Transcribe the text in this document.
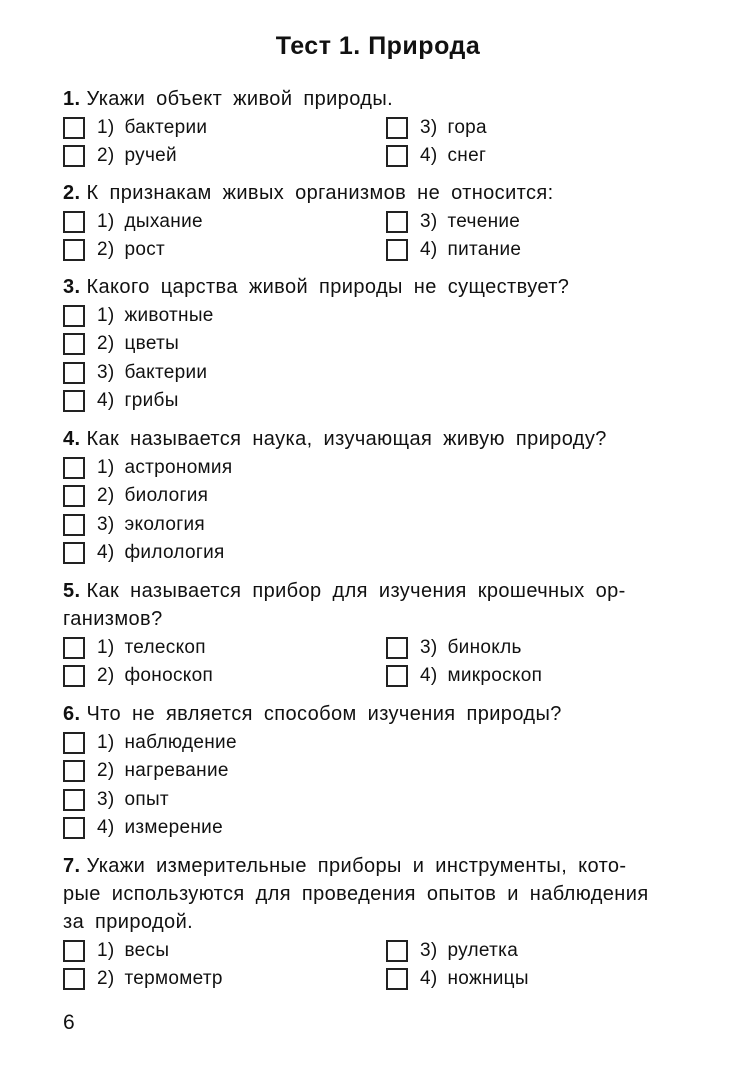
Тест 1. Природа

1. Укажи объект живой природы.

1) бактерии
2) ручей
3) гора
4) снег

2. К признакам живых организмов не относится:

1) дыхание
2) рост
3) течение
4) питание

3. Какого царства живой природы не существует?

1) животные
2) цветы
3) бактерии
4) грибы

4. Как называется наука, изучающая живую природу?

1) астрономия
2) биология
3) экология
4) филология

5. Как называется прибор для изучения крошечных ор-
ганизмов?

1) телескоп
2) фоноскоп
3) бинокль
4) микроскоп

6. Что не является способом изучения природы?

1) наблюдение
2) нагревание
3) опыт
4) измерение

7. Укажи измерительные приборы и инструменты, кото-
рые используются для проведения опытов и наблюдения
за природой.

1) весы
2) термометр
3) рулетка
4) ножницы
6
